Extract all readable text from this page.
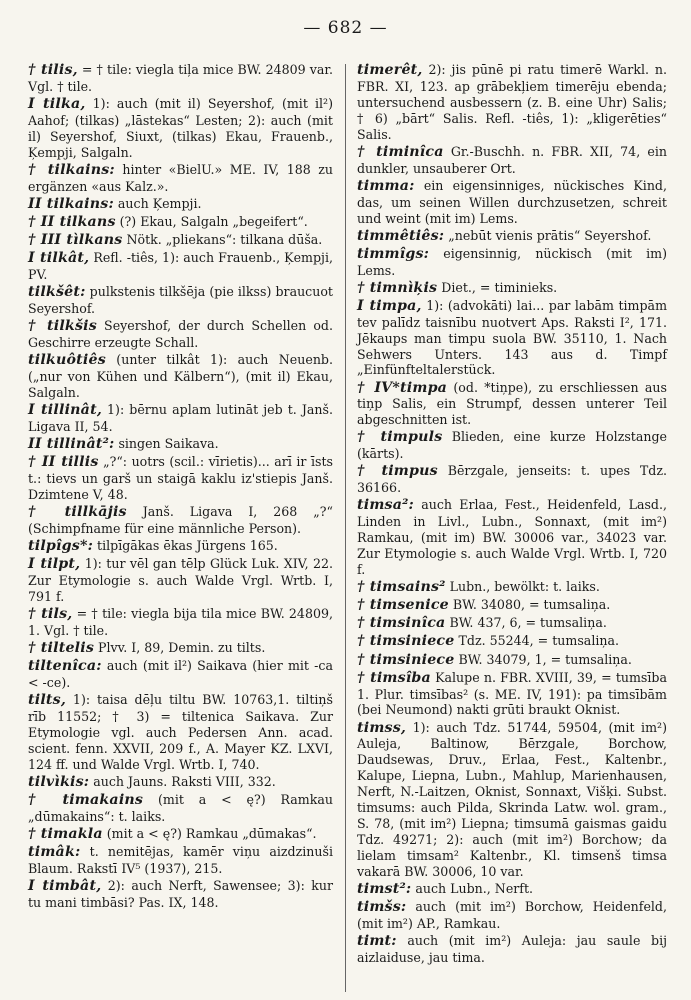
— 682 —
† tilis, = † tile: viegla tiļa mice BW. 24809 var. Vgl. † tile.
I tilka, 1): auch (mit il) Seyershof, (mit il²) Aahof; (tilkas) „lāstekas“ Lesten; 2): auch (mit il) Seyershof, Siuxt, (tilkas) Ekau, Frauenb., Ķempji, Salgaln.
† tilkains: hinter «BielU.» ME. IV, 188 zu ergänzen «aus Kalz.».
II tilkains: auch Ķempji.
† II tilkans (?) Ekau, Salgaln „begeifert“.
† III tìlkans Nötk. „pliekans“: tilkana dūša.
I tilkât, Refl. -tiês, 1): auch Frauenb., Ķempji, PV.
tilkšêt: pulkstenis tilkšēja (pie ilkss) braucuot Seyershof.
† tilkšis Seyershof, der durch Schellen od. Geschirre erzeugte Schall.
tilkuôtiês (unter tilkât 1): auch Neuenb. („nur von Kühen und Kälbern“), (mit il) Ekau, Salgaln.
I tillinât, 1): bērnu aplam lutināt jeb t. Janš. Ligava II, 54.
II tillinât²: singen Saikava.
† II tillis „?“: uotrs (scil.: vīrietis)... arī ir īsts t.: tievs un garš un staigā kaklu iz'stiepis Janš. Dzimtene V, 48.
† tillkājis Janš. Ligava I, 268 „?“ (Schimpfname für eine männliche Person).
tilpîgs*: tilpīgākas ēkas Jürgens 165.
I tilpt, 1): tur vēl gan tēlp Glück Luk. XIV, 22. Zur Etymologie s. auch Walde Vrgl. Wrtb. I, 791 f.
† tils, = † tile: viegla bija tila mice BW. 24809, 1. Vgl. † tile.
† tiltelis Plvv. I, 89, Demin. zu tilts.
tiltenîca: auch (mit il²) Saikava (hier mit -ca < -ce).
tilts, 1): taisa dēļu tiltu BW. 10763,1. tiltiņš rīb 11552; † 3) = tiltenica Saikava. Zur Etymologie vgl. auch Pedersen Ann. acad. scient. fenn. XXVII, 209 f., A. Mayer KZ. LXVI, 124 ff. und Walde Vrgl. Wrtb. I, 740.
tilvìkis: auch Jauns. Raksti VIII, 332.
† timakains (mit a < ę?) Ramkau „dūmakains“: t. laiks.
† timakla (mit a < ę?) Ramkau „dūmakas“.
timâk: t. nemitējas, kamēr viņu aizdzinuši Blaum. Rakstī IV⁵ (1937), 215.
I timbât, 2): auch Nerft, Sawensee; 3): kur tu mani timbāsi? Pas. IX, 148.
timerêt, 2): jis pūnē pi ratu timerē Warkl. n. FBR. XI, 123. ap grābekļiem timerēju ebenda; untersuchend ausbessern (z. B. eine Uhr) Salis; † 6) „bārt“ Salis. Refl. -tiês, 1): „kligerēties“ Salis.
† timinîca Gr.-Buschh. n. FBR. XII, 74, ein dunkler, unsauberer Ort.
timma: ein eigensinniges, nückisches Kind, das, um seinen Willen durchzusetzen, schreit und weint (mit im) Lems.
timmêtiês: „nebūt vienis prātis“ Seyershof.
timmîgs: eigensinnig, nückisch (mit im) Lems.
† timnìķis Diet., = timinieks.
I timpa, 1): (advokāti) lai... par labām timpām tev palīdz taisnību nuotvert Aps. Raksti I², 171. Jēkaups man timpu suola BW. 35110, 1. Nach Sehwers Unters. 143 aus d. Timpf „Einfünfteltalerstück.
† IV*timpa (od. *tiņpe), zu erschliessen aus tiņp Salis, ein Strumpf, dessen unterer Teil abgeschnitten ist.
† timpuls Blieden, eine kurze Holzstange (kārts).
† timpus Bērzgale, jenseits: t. upes Tdz. 36166.
timsa²: auch Erlaa, Fest., Heidenfeld, Lasd., Linden in Livl., Lubn., Sonnaxt, (mit im²) Ramkau, (mit im) BW. 30006 var., 34023 var. Zur Etymologie s. auch Walde Vrgl. Wrtb. I, 720 f.
† timsains² Lubn., bewölkt: t. laiks.
† timsenice BW. 34080, = tumsaliņa.
† timsinîca BW. 437, 6, = tumsaliņa.
† timsiniece Tdz. 55244, = tumsaliņa.
† timsiniece BW. 34079, 1, = tumsaliņa.
† timsîba Kalupe n. FBR. XVIII, 39, = tumsība 1. Plur. timsības² (s. ME. IV, 191): pa timsībām (bei Neumond) nakti grūti braukt Oknist.
timss, 1): auch Tdz. 51744, 59504, (mit im²) Auleja, Baltinow, Bērzgale, Borchow, Daudsewas, Druv., Erlaa, Fest., Kaltenbr., Kalupe, Liepna, Lubn., Mahlup, Marienhausen, Nerft, N.-Laitzen, Oknist, Sonnaxt, Višķi. Subst. timsums: auch Pilda, Skrinda Latw. wol. gram., S. 78, (mit im²) Liepna; timsumā gaismas gaidu Tdz. 49271; 2): auch (mit im²) Borchow; da lielam timsam² Kaltenbr., Kl. timsenš timsa vakarā BW. 30006, 10 var.
timst²: auch Lubn., Nerft.
timšs: auch (mit im²) Borchow, Heidenfeld, (mit im²) AP., Ramkau.
timt: auch (mit im²) Auleja: jau saule bij aizlaiduse, jau tima.
